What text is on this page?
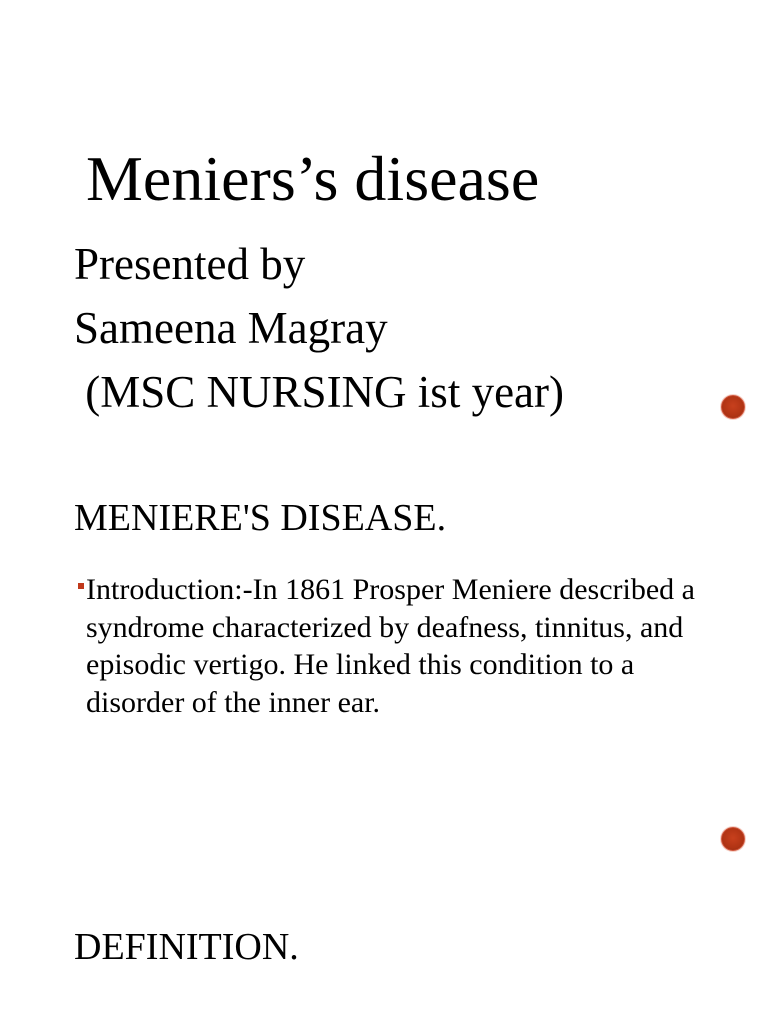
Meniers’s disease
Presented by
Sameena Magray
(MSC NURSING ist year)
MENIERE'S DISEASE.
Introduction:-In 1861 Prosper Meniere described a syndrome characterized by deafness, tinnitus, and episodic vertigo. He linked this condition to a disorder of the inner ear.
DEFINITION.
